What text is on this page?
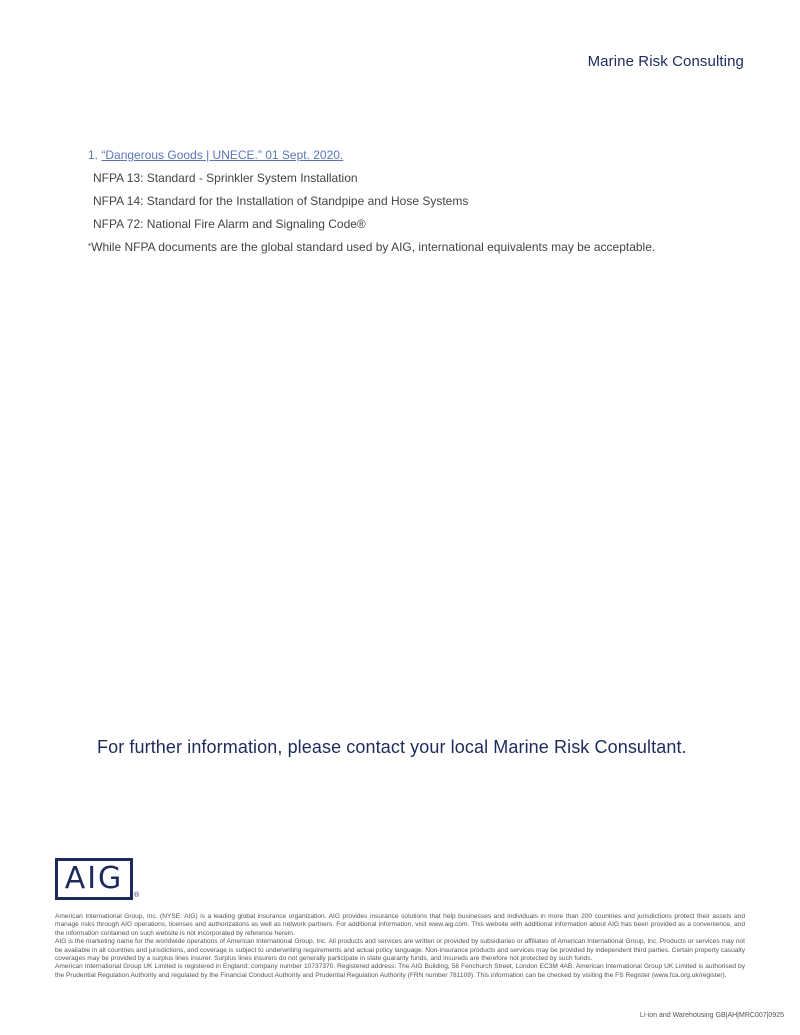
Marine Risk Consulting
1. “Dangerous Goods | UNECE.” 01 Sept. 2020.
NFPA 13: Standard - Sprinkler System Installation
NFPA 14: Standard for the Installation of Standpipe and Hose Systems
NFPA 72: National Fire Alarm and Signaling Code®
*While NFPA documents are the global standard used by AIG, international equivalents may be acceptable.
For further information, please contact your local Marine Risk Consultant.
AIG ®

American International Group, Inc. (NYSE: AIG) is a leading global insurance organization. AIG provides insurance solutions that help businesses and individuals in more than 200 countries and jurisdictions protect their assets and manage risks through AIG operations, licenses and authorizations as well as network partners. For additional information, visit www.aig.com. This website with additional information about AIG has been provided as a convenience, and the information contained on such website is not incorporated by reference herein.

AIG is the marketing name for the worldwide operations of American International Group, Inc. All products and services are written or provided by subsidiaries or affiliates of American International Group, Inc. Products or services may not be available in all countries and jurisdictions, and coverage is subject to underwriting requirements and actual policy language. Non-insurance products and services may be provided by independent third parties. Certain property casualty coverages may be provided by a surplus lines insurer. Surplus lines insurers do not generally participate in state guaranty funds, and insureds are therefore not protected by such funds.

American International Group UK Limited is registered in England: company number 10737370. Registered address: The AIG Building, 58 Fenchurch Street, London EC3M 4AB. American International Group UK Limited is authorised by the Prudential Regulation Authority and regulated by the Financial Conduct Authority and Prudential Regulation Authority (FRN number 781109). This information can be checked by visiting the FS Register (www.fca.org.uk/register).

Li-ion and Warehousing GB|AH|MRC007|0925
